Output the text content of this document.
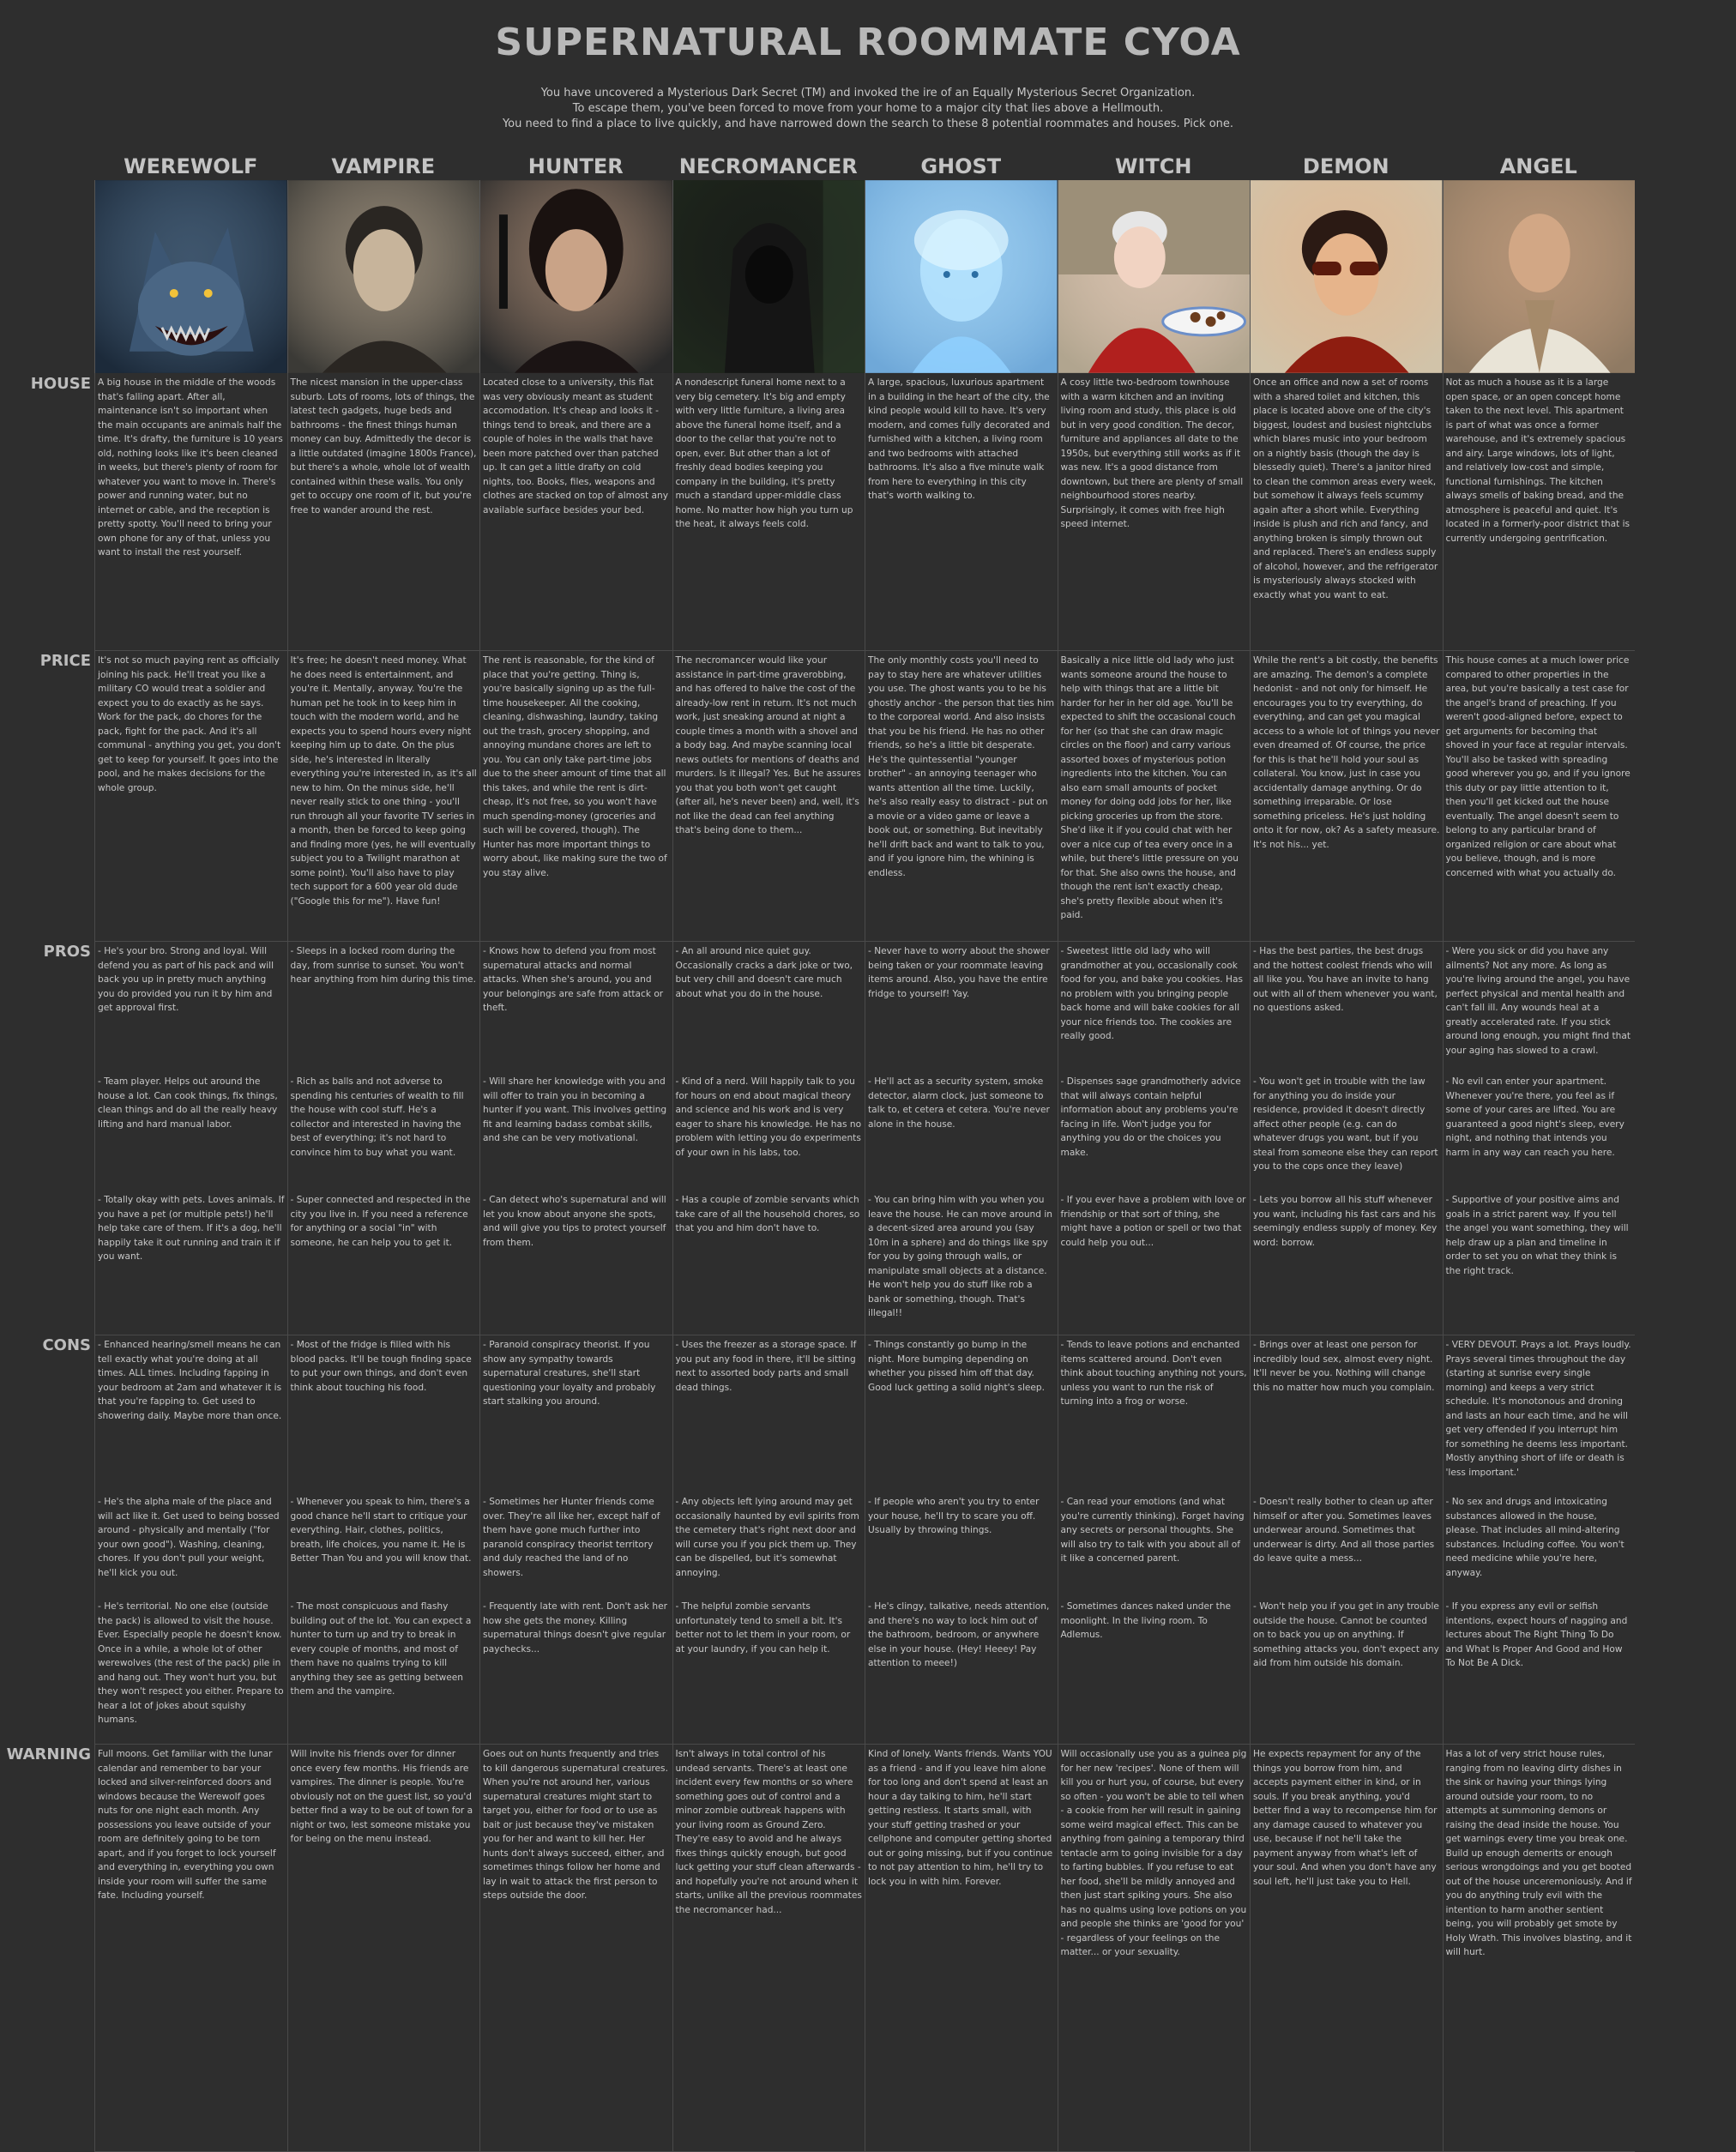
SUPERNATURAL ROOMMATE CYOA
You have uncovered a Mysterious Dark Secret (TM) and invoked the ire of an Equally Mysterious Secret Organization.
To escape them, you've been forced to move from your home to a major city that lies above a Hellmouth.
You need to find a place to live quickly, and have narrowed down the search to these 8 potential roommates and houses. Pick one.
HOUSE
PRICE
PROS
CONS
WARNING
WEREWOLF	VAMPIRE	HUNTER	NECROMANCER	GHOST	WITCH	DEMON	ANGEL

A big house in the middle of the woods that's falling apart. After all, maintenance isn't so important when the main occupants are animals half the time. It's drafty, the furniture is 10 years old, nothing looks like it's been cleaned in weeks, but there's plenty of room for whatever you want to move in. There's power and running water, but no internet or cable, and the reception is pretty spotty. You'll need to bring your own phone for any of that, unless you want to install the rest yourself.

The nicest mansion in the upper-class suburb. Lots of rooms, lots of things, the latest tech gadgets, huge beds and bathrooms - the finest things human money can buy. Admittedly the decor is a little outdated (imagine 1800s France), but there's a whole, whole lot of wealth contained within these walls. You only get to occupy one room of it, but you're free to wander around the rest.

Located close to a university, this flat was very obviously meant as student accomodation. It's cheap and looks it - things tend to break, and there are a couple of holes in the walls that have been more patched over than patched up. It can get a little drafty on cold nights, too. Books, files, weapons and clothes are stacked on top of almost any available surface besides your bed.

A nondescript funeral home next to a very big cemetery. It's big and empty with very little furniture, a living area above the funeral home itself, and a door to the cellar that you're not to open, ever. But other than a lot of freshly dead bodies keeping you company in the building, it's pretty much a standard upper-middle class home. No matter how high you turn up the heat, it always feels cold.

A large, spacious, luxurious apartment in a building in the heart of the city, the kind people would kill to have. It's very modern, and comes fully decorated and furnished with a kitchen, a living room and two bedrooms with attached bathrooms. It's also a five minute walk from here to everything in this city that's worth walking to.

A cosy little two-bedroom townhouse with a warm kitchen and an inviting living room and study, this place is old but in very good condition. The decor, furniture and appliances all date to the 1950s, but everything still works as if it was new. It's a good distance from downtown, but there are plenty of small neighbourhood stores nearby. Surprisingly, it comes with free high speed internet.

Once an office and now a set of rooms with a shared toilet and kitchen, this place is located above one of the city's biggest, loudest and busiest nightclubs which blares music into your bedroom on a nightly basis (though the day is blessedly quiet). There's a janitor hired to clean the common areas every week, but somehow it always feels scummy again after a short while. Everything inside is plush and rich and fancy, and anything broken is simply thrown out and replaced. There's an endless supply of alcohol, however, and the refrigerator is mysteriously always stocked with exactly what you want to eat.

Not as much a house as it is a large open space, or an open concept home taken to the next level. This apartment is part of what was once a former warehouse, and it's extremely spacious and airy. Large windows, lots of light, and relatively low-cost and simple, functional furnishings. The kitchen always smells of baking bread, and the atmosphere is peaceful and quiet. It's located in a formerly-poor district that is currently undergoing gentrification.

It's not so much paying rent as officially joining his pack. He'll treat you like a military CO would treat a soldier and expect you to do exactly as he says. Work for the pack, do chores for the pack, fight for the pack. And it's all communal - anything you get, you don't get to keep for yourself. It goes into the pool, and he makes decisions for the whole group.

It's free; he doesn't need money. What he does need is entertainment, and you're it. Mentally, anyway. You're the human pet he took in to keep him in touch with the modern world, and he expects you to spend hours every night keeping him up to date. On the plus side, he's interested in literally everything you're interested in, as it's all new to him. On the minus side, he'll never really stick to one thing - you'll run through all your favorite TV series in a month, then be forced to keep going and finding more (yes, he will eventually subject you to a Twilight marathon at some point). You'll also have to play tech support for a 600 year old dude ("Google this for me"). Have fun!

The rent is reasonable, for the kind of place that you're getting. Thing is, you're basically signing up as the full-time housekeeper. All the cooking, cleaning, dishwashing, laundry, taking out the trash, grocery shopping, and annoying mundane chores are left to you. You can only take part-time jobs due to the sheer amount of time that all this takes, and while the rent is dirt-cheap, it's not free, so you won't have much spending-money (groceries and such will be covered, though). The Hunter has more important things to worry about, like making sure the two of you stay alive.

The necromancer would like your assistance in part-time graverobbing, and has offered to halve the cost of the already-low rent in return. It's not much work, just sneaking around at night a couple times a month with a shovel and a body bag. And maybe scanning local news outlets for mentions of deaths and murders. Is it illegal? Yes. But he assures you that you both won't get caught (after all, he's never been) and, well, it's not like the dead can feel anything that's being done to them...

The only monthly costs you'll need to pay to stay here are whatever utilities you use. The ghost wants you to be his ghostly anchor - the person that ties him to the corporeal world. And also insists that you be his friend. He has no other friends, so he's a little bit desperate. He's the quintessential "younger brother" - an annoying teenager who wants attention all the time. Luckily, he's also really easy to distract - put on a movie or a video game or leave a book out, or something. But inevitably he'll drift back and want to talk to you, and if you ignore him, the whining is endless.

Basically a nice little old lady who just wants someone around the house to help with things that are a little bit harder for her in her old age. You'll be expected to shift the occasional couch for her (so that she can draw magic circles on the floor) and carry various assorted boxes of mysterious potion ingredients into the kitchen. You can also earn small amounts of pocket money for doing odd jobs for her, like picking groceries up from the store. She'd like it if you could chat with her over a nice cup of tea every once in a while, but there's little pressure on you for that. She also owns the house, and though the rent isn't exactly cheap, she's pretty flexible about when it's paid.

While the rent's a bit costly, the benefits are amazing. The demon's a complete hedonist - and not only for himself. He encourages you to try everything, do everything, and can get you magical access to a whole lot of things you never even dreamed of. Of course, the price for this is that he'll hold your soul as collateral. You know, just in case you accidentally damage anything. Or do something irreparable. Or lose something priceless. He's just holding onto it for now, ok? As a safety measure. It's not his... yet.

This house comes at a much lower price compared to other properties in the area, but you're basically a test case for the angel's brand of preaching. If you weren't good-aligned before, expect to get arguments for becoming that shoved in your face at regular intervals. You'll also be tasked with spreading good wherever you go, and if you ignore this duty or pay little attention to it, then you'll get kicked out the house eventually. The angel doesn't seem to belong to any particular brand of organized religion or care about what you believe, though, and is more concerned with what you actually do.

- He's your bro. Strong and loyal. Will defend you as part of his pack and will back you up in pretty much anything you do provided you run it by him and get approval first.

- Team player. Helps out around the house a lot. Can cook things, fix things, clean things and do all the really heavy lifting and hard manual labor.

- Totally okay with pets. Loves animals. If you have a pet (or multiple pets!) he'll help take care of them. If it's a dog, he'll happily take it out running and train it if you want.

- Sleeps in a locked room during the day, from sunrise to sunset. You won't hear anything from him during this time.

- Rich as balls and not adverse to spending his centuries of wealth to fill the house with cool stuff. He's a collector and interested in having the best of everything; it's not hard to convince him to buy what you want.

- Super connected and respected in the city you live in. If you need a reference for anything or a social "in" with someone, he can help you to get it.

- Knows how to defend you from most supernatural attacks and normal attacks. When she's around, you and your belongings are safe from attack or theft.

- Will share her knowledge with you and will offer to train you in becoming a hunter if you want. This involves getting fit and learning badass combat skills, and she can be very motivational.

- Can detect who's supernatural and will let you know about anyone she spots, and will give you tips to protect yourself from them.

- An all around nice quiet guy. Occasionally cracks a dark joke or two, but very chill and doesn't care much about what you do in the house.

- Kind of a nerd. Will happily talk to you for hours on end about magical theory and science and his work and is very eager to share his knowledge. He has no problem with letting you do experiments of your own in his labs, too.

- Has a couple of zombie servants which take care of all the household chores, so that you and him don't have to.

- Never have to worry about the shower being taken or your roommate leaving items around. Also, you have the entire fridge to yourself! Yay.

- He'll act as a security system, smoke detector, alarm clock, just someone to talk to, et cetera et cetera. You're never alone in the house.

- You can bring him with you when you leave the house. He can move around in a decent-sized area around you (say 10m in a sphere) and do things like spy for you by going through walls, or manipulate small objects at a distance. He won't help you do stuff like rob a bank or something, though. That's illegal!!

- Sweetest little old lady who will grandmother at you, occasionally cook food for you, and bake you cookies. Has no problem with you bringing people back home and will bake cookies for all your nice friends too. The cookies are really good.

- Dispenses sage grandmotherly advice that will always contain helpful information about any problems you're facing in life. Won't judge you for anything you do or the choices you make.

- If you ever have a problem with love or friendship or that sort of thing, she might have a potion or spell or two that could help you out...

- Has the best parties, the best drugs and the hottest coolest friends who will all like you. You have an invite to hang out with all of them whenever you want, no questions asked.

- You won't get in trouble with the law for anything you do inside your residence, provided it doesn't directly affect other people (e.g. can do whatever drugs you want, but if you steal from someone else they can report you to the cops once they leave)

- Lets you borrow all his stuff whenever you want, including his fast cars and his seemingly endless supply of money. Key word: borrow.

- Were you sick or did you have any ailments? Not any more. As long as you're living around the angel, you have perfect physical and mental health and can't fall ill. Any wounds heal at a greatly accelerated rate. If you stick around long enough, you might find that your aging has slowed to a crawl.

- No evil can enter your apartment. Whenever you're there, you feel as if some of your cares are lifted. You are guaranteed a good night's sleep, every night, and nothing that intends you harm in any way can reach you here.

- Supportive of your positive aims and goals in a strict parent way. If you tell the angel you want something, they will help draw up a plan and timeline in order to set you on what they think is the right track.

- Enhanced hearing/smell means he can tell exactly what you're doing at all times. ALL times. Including fapping in your bedroom at 2am and whatever it is that you're fapping to. Get used to showering daily. Maybe more than once.

- He's the alpha male of the place and will act like it. Get used to being bossed around - physically and mentally ("for your own good"). Washing, cleaning, chores. If you don't pull your weight, he'll kick you out.

- He's territorial. No one else (outside the pack) is allowed to visit the house. Ever. Especially people he doesn't know. Once in a while, a whole lot of other werewolves (the rest of the pack) pile in and hang out. They won't hurt you, but they won't respect you either. Prepare to hear a lot of jokes about squishy humans.

- Most of the fridge is filled with his blood packs. It'll be tough finding space to put your own things, and don't even think about touching his food.

- Whenever you speak to him, there's a good chance he'll start to critique your everything. Hair, clothes, politics, breath, life choices, you name it. He is Better Than You and you will know that.

- The most conspicuous and flashy building out of the lot. You can expect a hunter to turn up and try to break in every couple of months, and most of them have no qualms trying to kill anything they see as getting between them and the vampire.

- Paranoid conspiracy theorist. If you show any sympathy towards supernatural creatures, she'll start questioning your loyalty and probably start stalking you around.

- Sometimes her Hunter friends come over. They're all like her, except half of them have gone much further into paranoid conspiracy theorist territory and duly reached the land of no showers.

- Frequently late with rent. Don't ask her how she gets the money. Killing supernatural things doesn't give regular paychecks...

- Uses the freezer as a storage space. If you put any food in there, it'll be sitting next to assorted body parts and small dead things.

- Any objects left lying around may get occasionally haunted by evil spirits from the cemetery that's right next door and will curse you if you pick them up. They can be dispelled, but it's somewhat annoying.

- The helpful zombie servants unfortunately tend to smell a bit. It's better not to let them in your room, or at your laundry, if you can help it.

- Things constantly go bump in the night. More bumping depending on whether you pissed him off that day. Good luck getting a solid night's sleep.

- If people who aren't you try to enter your house, he'll try to scare you off. Usually by throwing things.

- He's clingy, talkative, needs attention, and there's no way to lock him out of the bathroom, bedroom, or anywhere else in your house. (Hey! Heeey! Pay attention to meee!)

- Tends to leave potions and enchanted items scattered around. Don't even think about touching anything not yours, unless you want to run the risk of turning into a frog or worse.

- Can read your emotions (and what you're currently thinking). Forget having any secrets or personal thoughts. She will also try to talk with you about all of it like a concerned parent.

- Sometimes dances naked under the moonlight. In the living room. To Adlemus.

- Brings over at least one person for incredibly loud sex, almost every night. It'll never be you. Nothing will change this no matter how much you complain.

- Doesn't really bother to clean up after himself or after you. Sometimes leaves underwear around. Sometimes that underwear is dirty. And all those parties do leave quite a mess...

- Won't help you if you get in any trouble outside the house. Cannot be counted on to back you up on anything. If something attacks you, don't expect any aid from him outside his domain.

- VERY DEVOUT. Prays a lot. Prays loudly. Prays several times throughout the day (starting at sunrise every single morning) and keeps a very strict schedule. It's monotonous and droning and lasts an hour each time, and he will get very offended if you interrupt him for something he deems less important. Mostly anything short of life or death is 'less important.'

- No sex and drugs and intoxicating substances allowed in the house, please. That includes all mind-altering substances. Including coffee. You won't need medicine while you're here, anyway.

- If you express any evil or selfish intentions, expect hours of nagging and lectures about The Right Thing To Do and What Is Proper And Good and How To Not Be A Dick.

Full moons. Get familiar with the lunar calendar and remember to bar your locked and silver-reinforced doors and windows because the Werewolf goes nuts for one night each month. Any possessions you leave outside of your room are definitely going to be torn apart, and if you forget to lock yourself and everything in, everything you own inside your room will suffer the same fate. Including yourself.

Will invite his friends over for dinner once every few months. His friends are vampires. The dinner is people. You're obviously not on the guest list, so you'd better find a way to be out of town for a night or two, lest someone mistake you for being on the menu instead.

Goes out on hunts frequently and tries to kill dangerous supernatural creatures. When you're not around her, various supernatural creatures might start to target you, either for food or to use as bait or just because they've mistaken you for her and want to kill her. Her hunts don't always succeed, either, and sometimes things follow her home and lay in wait to attack the first person to steps outside the door.

Isn't always in total control of his undead servants. There's at least one incident every few months or so where something goes out of control and a minor zombie outbreak happens with your living room as Ground Zero. They're easy to avoid and he always fixes things quickly enough, but good luck getting your stuff clean afterwards - and hopefully you're not around when it starts, unlike all the previous roommates the necromancer had...

Kind of lonely. Wants friends. Wants YOU as a friend - and if you leave him alone for too long and don't spend at least an hour a day talking to him, he'll start getting restless. It starts small, with your stuff getting trashed or your cellphone and computer getting shorted out or going missing, but if you continue to not pay attention to him, he'll try to lock you in with him. Forever.

Will occasionally use you as a guinea pig for her new 'recipes'. None of them will kill you or hurt you, of course, but every so often - you won't be able to tell when - a cookie from her will result in gaining some weird magical effect. This can be anything from gaining a temporary third tentacle arm to going invisible for a day to farting bubbles. If you refuse to eat her food, she'll be mildly annoyed and then just start spiking yours. She also has no qualms using love potions on you and people she thinks are 'good for you' - regardless of your feelings on the matter... or your sexuality.

He expects repayment for any of the things you borrow from him, and accepts payment either in kind, or in souls. If you break anything, you'd better find a way to recompense him for any damage caused to whatever you use, because if not he'll take the payment anyway from what's left of your soul. And when you don't have any soul left, he'll just take you to Hell.

Has a lot of very strict house rules, ranging from no leaving dirty dishes in the sink or having your things lying around outside your room, to no attempts at summoning demons or raising the dead inside the house. You get warnings every time you break one. Build up enough demerits or enough serious wrongdoings and you get booted out of the house unceremoniously. And if you do anything truly evil with the intention to harm another sentient being, you will probably get smote by Holy Wrath. This involves blasting, and it will hurt.
